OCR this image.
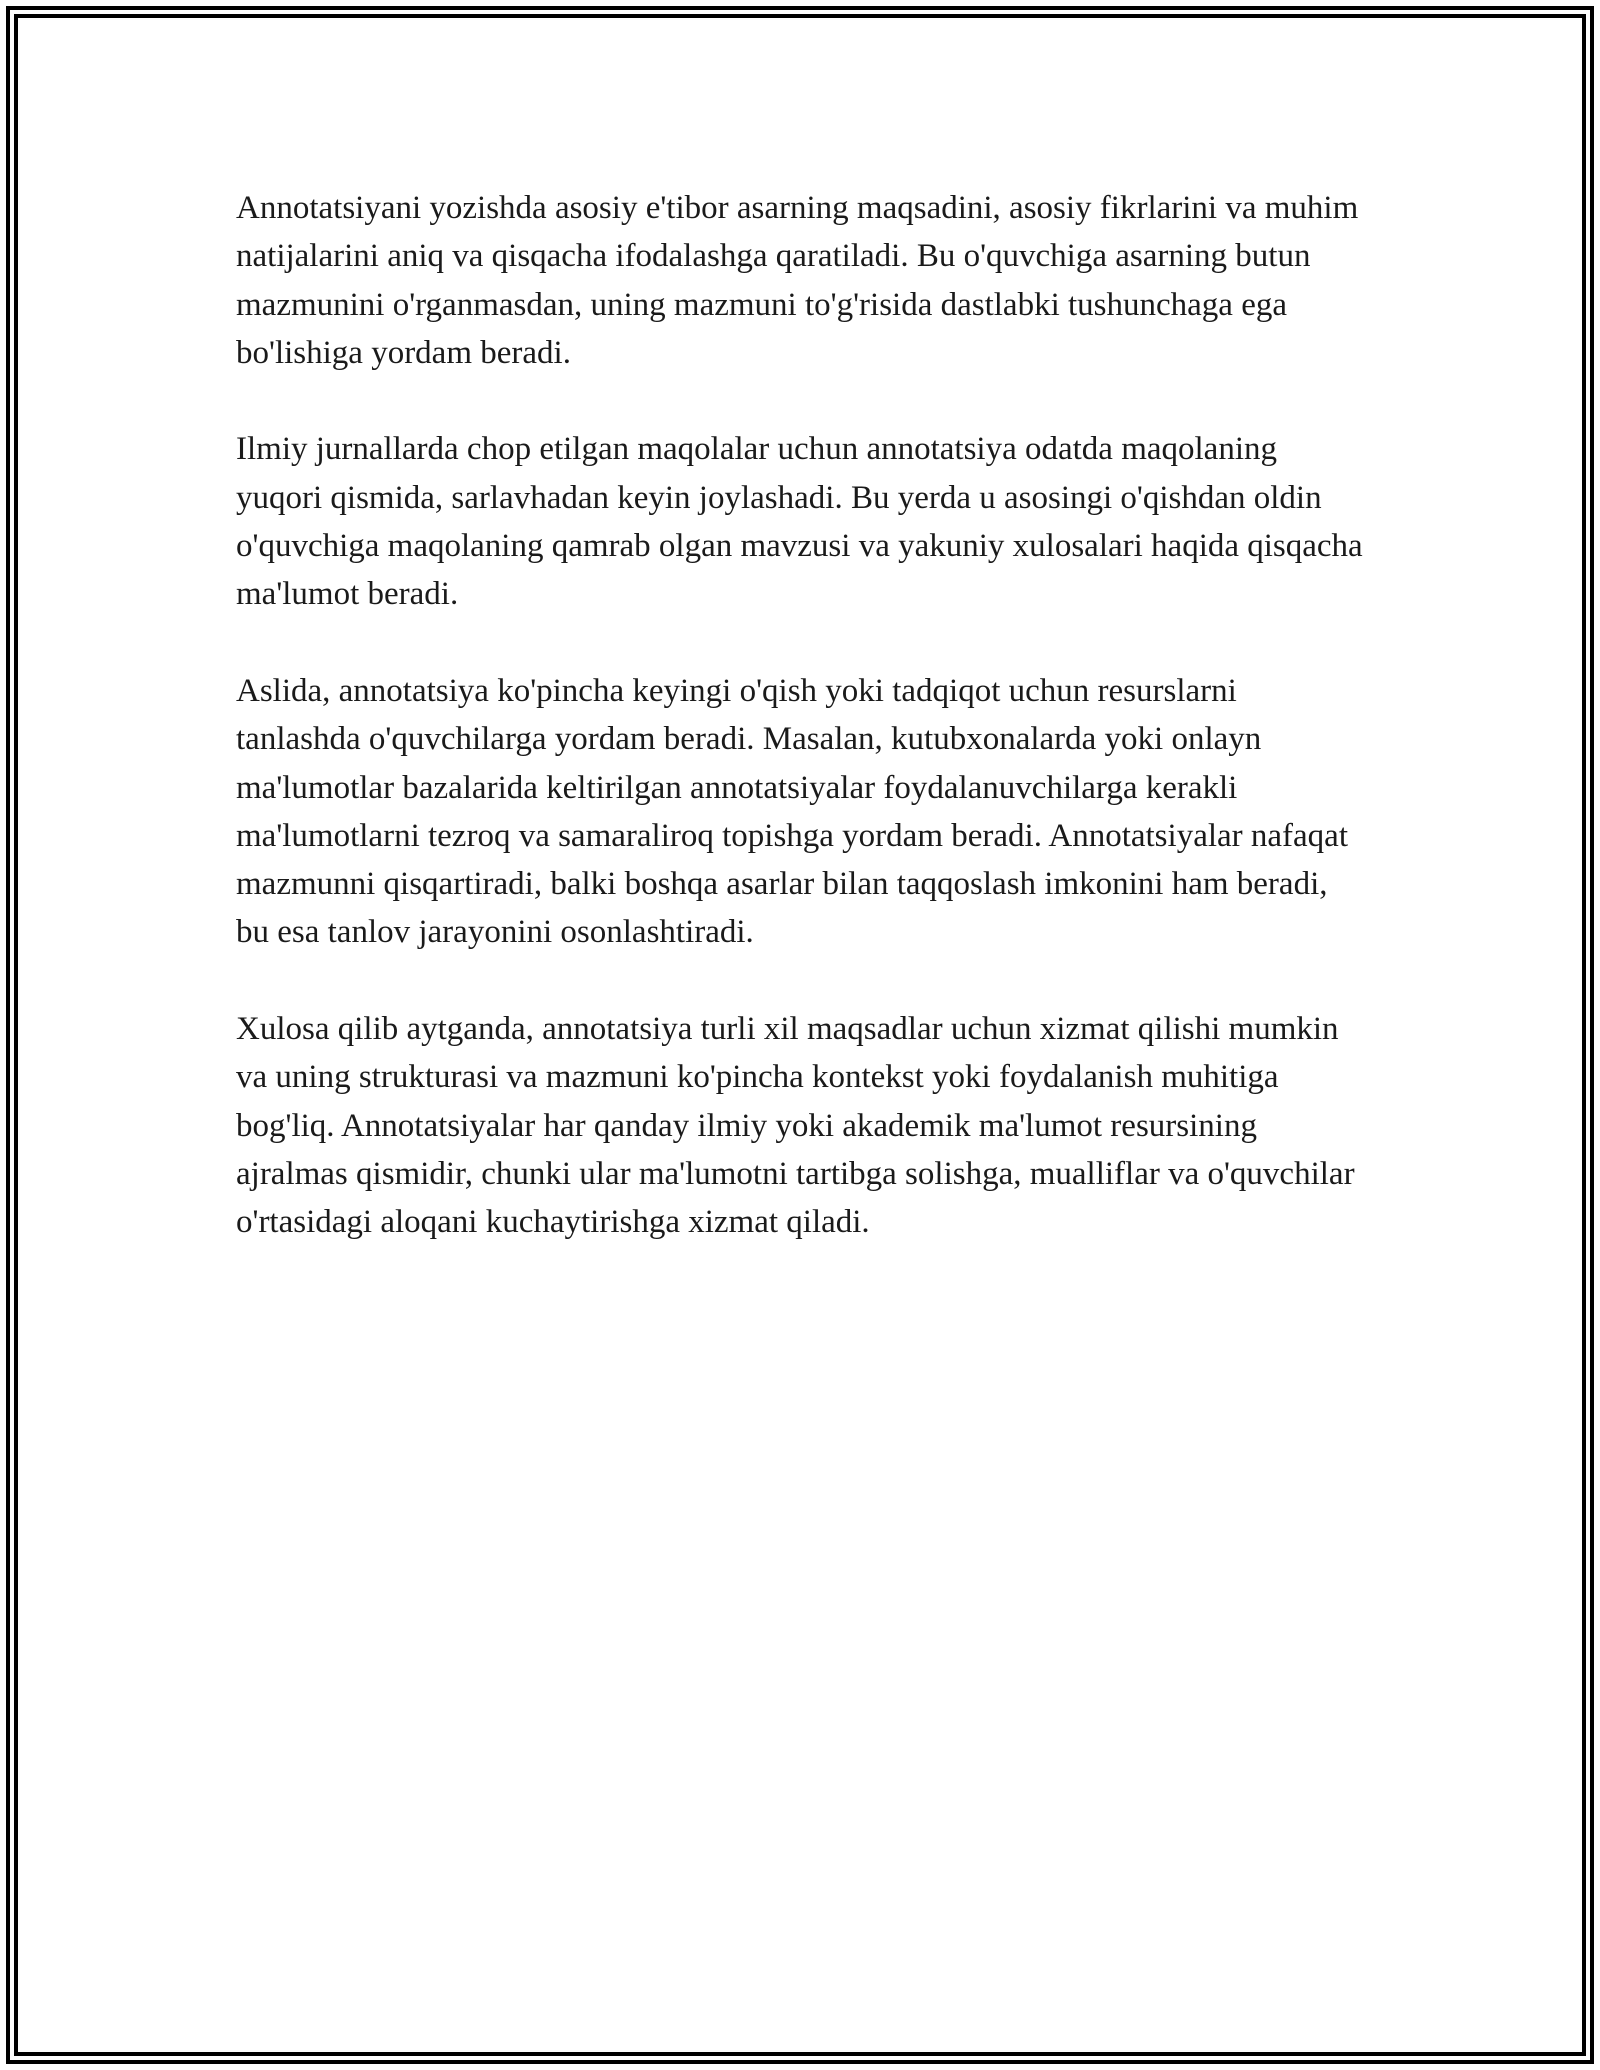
Annotatsiyani yozishda asosiy e'tibor asarning maqsadini, asosiy fikrlarini va muhim natijalarini aniq va qisqacha ifodalashga qaratiladi. Bu o'quvchiga asarning butun mazmunini o'rganmasdan, uning mazmuni to'g'risida dastlabki tushunchaga ega bo'lishiga yordam beradi.

Ilmiy jurnallarda chop etilgan maqolalar uchun annotatsiya odatda maqolaning yuqori qismida, sarlavhadan keyin joylashadi. Bu yerda u asosingi o'qishdan oldin o'quvchiga maqolaning qamrab olgan mavzusi va yakuniy xulosalari haqida qisqacha ma'lumot beradi.

Aslida, annotatsiya ko'pincha keyingi o'qish yoki tadqiqot uchun resurslarni tanlashda o'quvchilarga yordam beradi. Masalan, kutubxonalarda yoki onlayn ma'lumotlar bazalarida keltirilgan annotatsiyalar foydalanuvchilarga kerakli ma'lumotlarni tezroq va samaraliroq topishga yordam beradi. Annotatsiyalar nafaqat mazmunni qisqartiradi, balki boshqa asarlar bilan taqqoslash imkonini ham beradi, bu esa tanlov jarayonini osonlashtiradi.

Xulosa qilib aytganda, annotatsiya turli xil maqsadlar uchun xizmat qilishi mumkin va uning strukturasi va mazmuni ko'pincha kontekst yoki foydalanish muhitiga bog'liq. Annotatsiyalar har qanday ilmiy yoki akademik ma'lumot resursining ajralmas qismidir, chunki ular ma'lumotni tartibga solishga, mualliflar va o'quvchilar o'rtasidagi aloqani kuchaytirishga xizmat qiladi.
